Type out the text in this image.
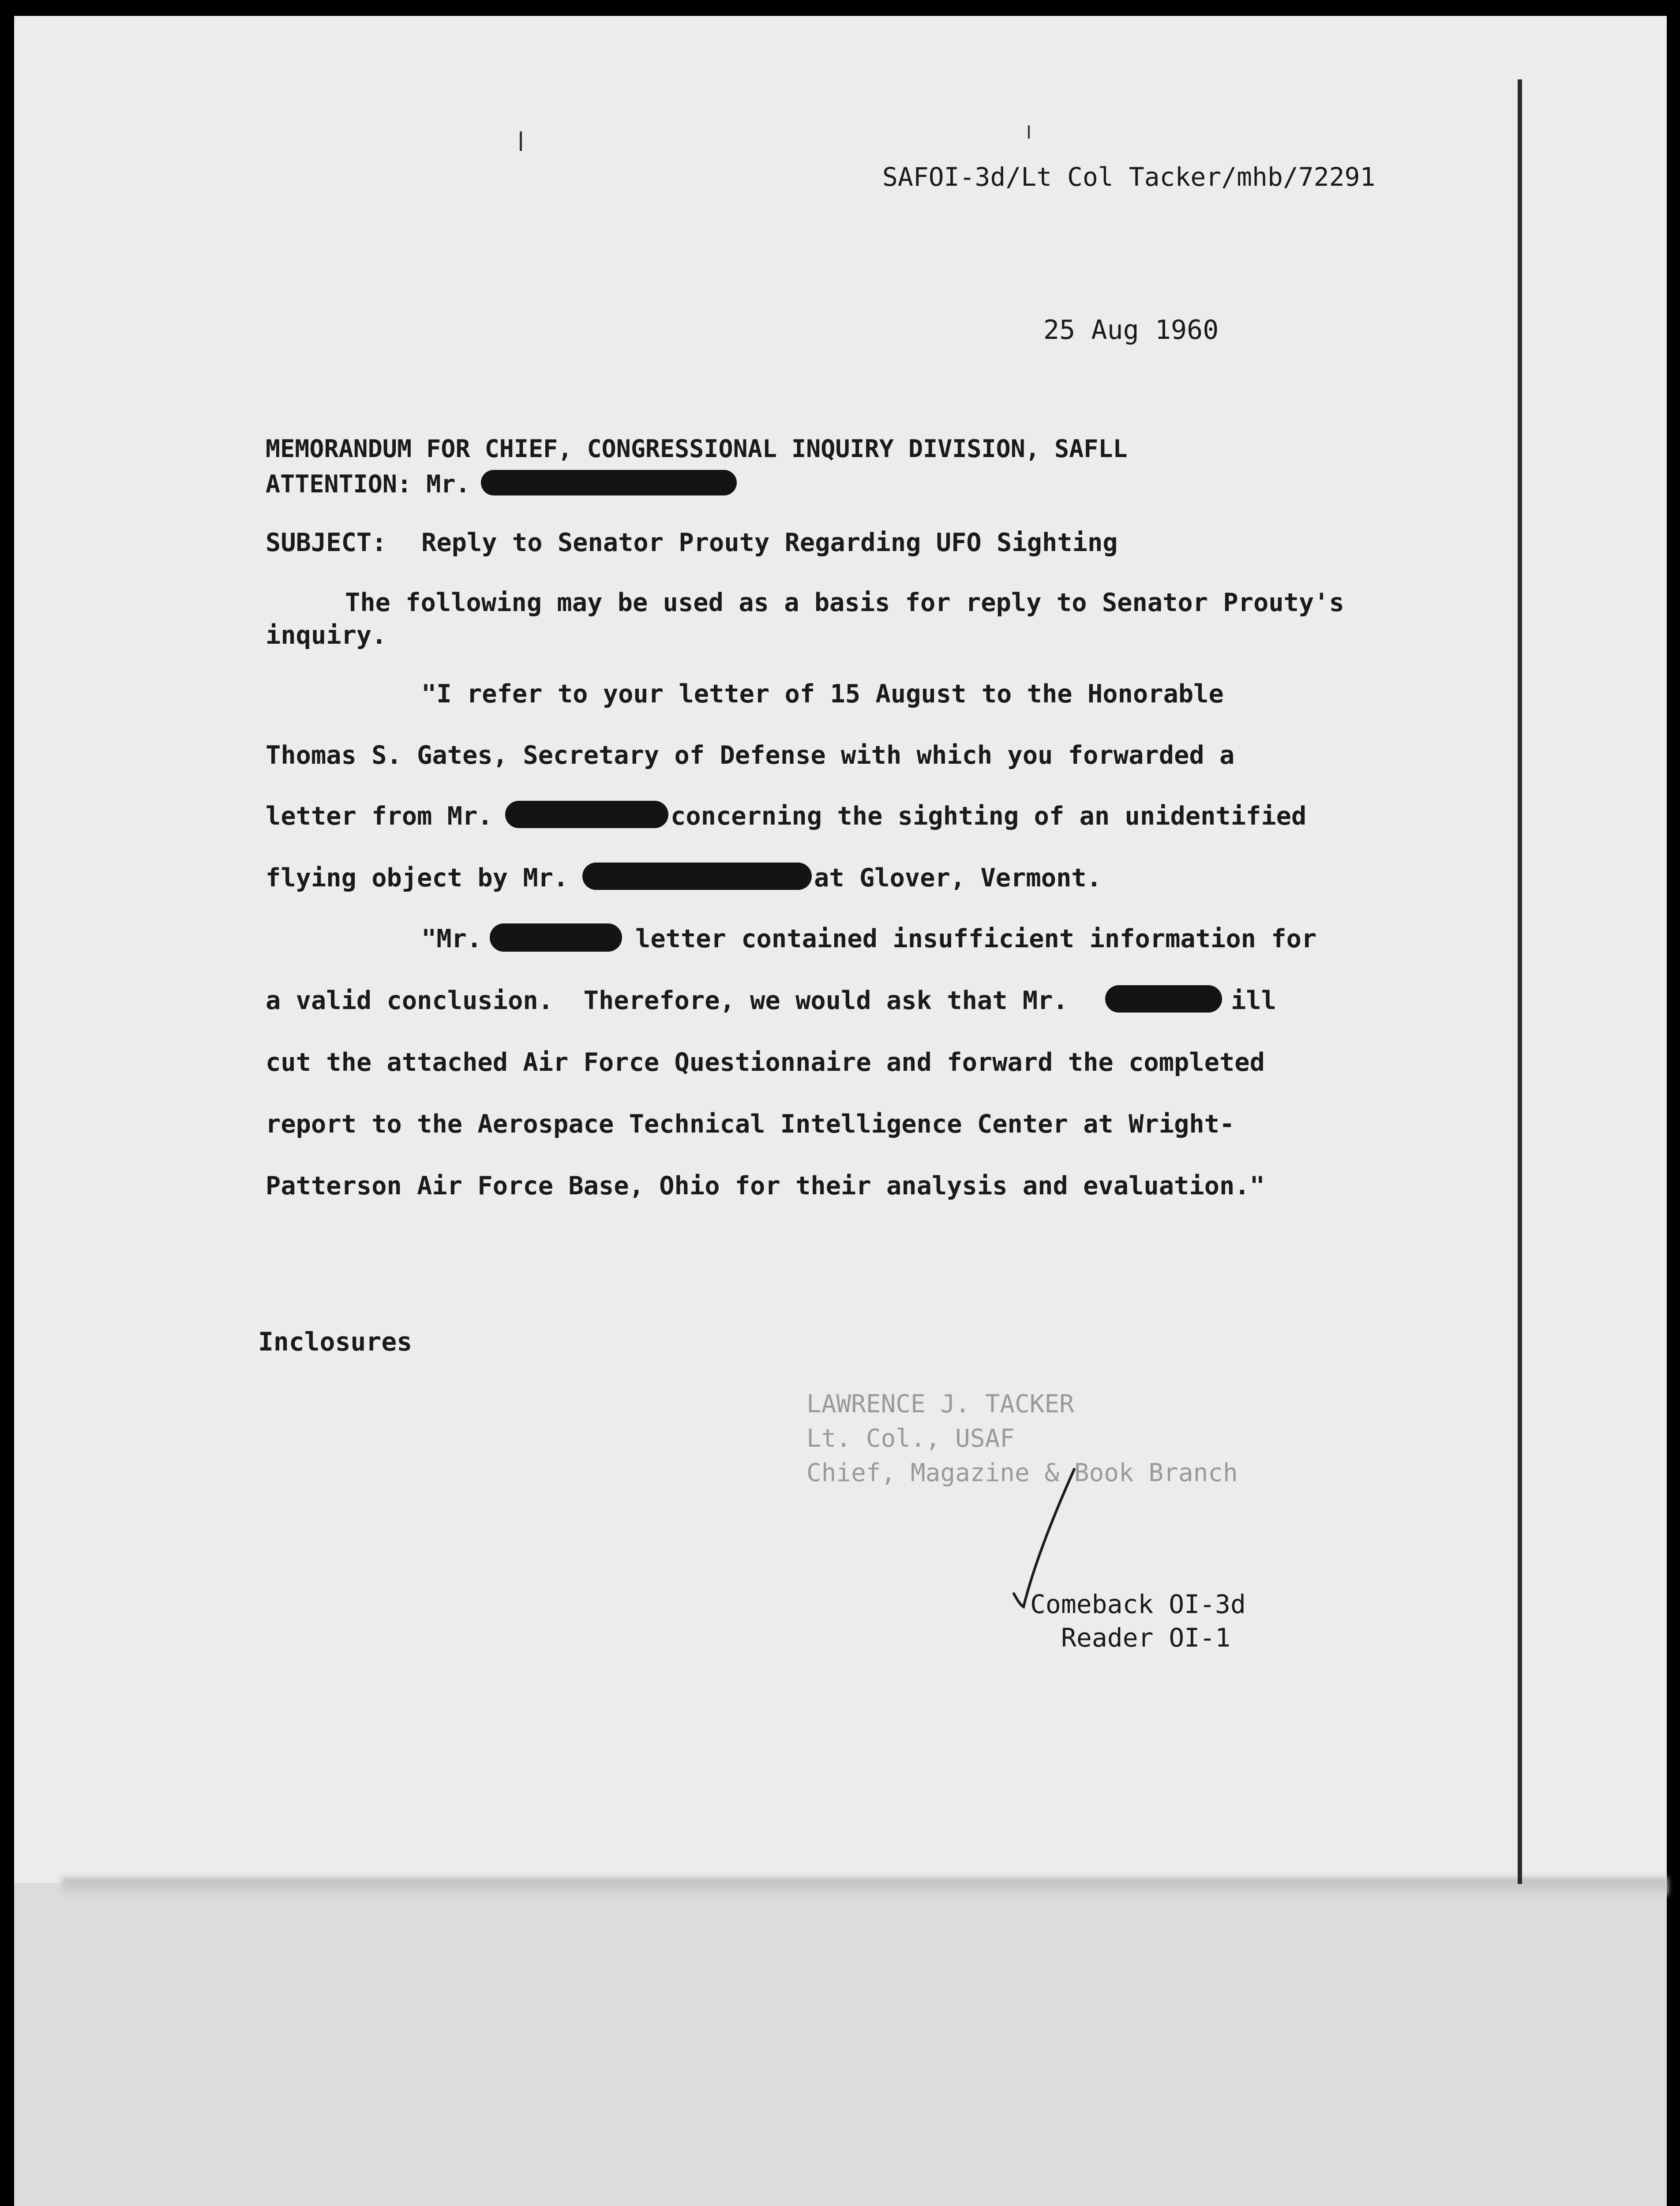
SAFOI-3d/Lt Col Tacker/mhb/72291
25 Aug 1960
MEMORANDUM FOR CHIEF, CONGRESSIONAL INQUIRY DIVISION, SAFLL
ATTENTION: Mr.
SUBJECT: Reply to Senator Prouty Regarding UFO Sighting
The following may be used as a basis for reply to Senator Prouty's
inquiry.
"I refer to your letter of 15 August to the Honorable
Thomas S. Gates, Secretary of Defense with which you forwarded a
letter from Mr.	concerning the sighting of an unidentified
flying object by Mr.	at Glover, Vermont.
"Mr.	letter contained insufficient information for
a valid conclusion.  Therefore, we would ask that Mr.	ill
cut the attached Air Force Questionnaire and forward the completed
report to the Aerospace Technical Intelligence Center at Wright-
Patterson Air Force Base, Ohio for their analysis and evaluation."
Inclosures
LAWRENCE J. TACKER
Lt. Col., USAF
Chief, Magazine & Book Branch
Comeback OI-3d
Reader OI-1
